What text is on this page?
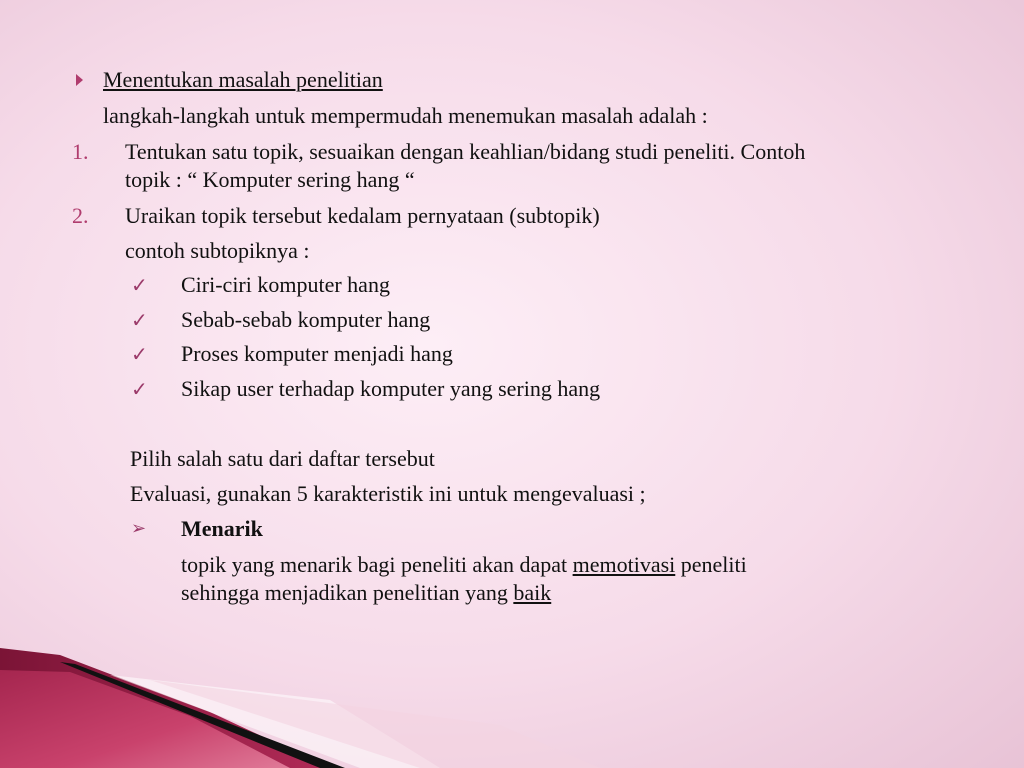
Menentukan masalah penelitian
langkah-langkah untuk mempermudah menemukan masalah adalah :
1. Tentukan satu topik, sesuaikan dengan keahlian/bidang studi peneliti. Contoh
topik : “ Komputer sering hang “
2. Uraikan topik tersebut kedalam pernyataan (subtopik)
contoh subtopiknya :
✓ Ciri-ciri komputer hang
✓ Sebab-sebab komputer hang
✓ Proses komputer menjadi hang
✓ Sikap user terhadap komputer yang sering hang
Pilih salah satu dari daftar tersebut
Evaluasi, gunakan 5 karakteristik ini untuk mengevaluasi ;
➢ Menarik
topik yang menarik bagi peneliti akan dapat memotivasi peneliti
sehingga menjadikan penelitian yang baik
